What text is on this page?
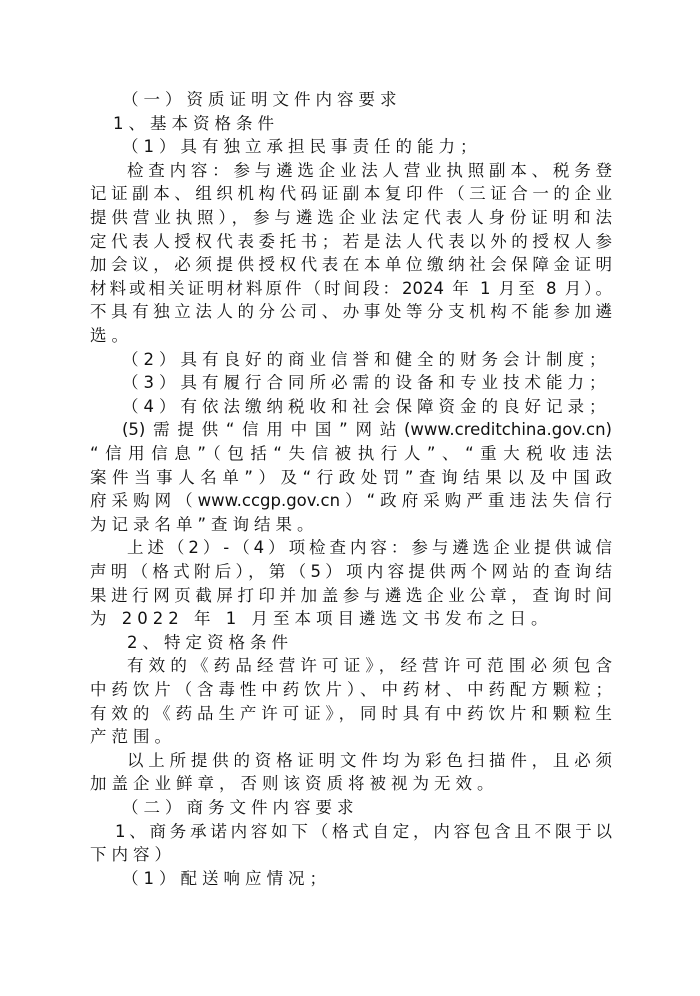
（一）资质证明文件内容要求
1、基本资格条件
（1）具有独立承担民事责任的能力；
检查内容：参与遴选企业法人营业执照副本、税务登
记证副本、组织机构代码证副本复印件（三证合一的企业
提供营业执照），参与遴选企业法定代表人身份证明和法
定代表人授权代表委托书；若是法人代表以外的授权人参
加会议，必须提供授权代表在本单位缴纳社会保障金证明
材料或相关证明材料原件（时间段：2024 年 1 月至 8 月）。
不具有独立法人的分公司、办事处等分支机构不能参加遴
选。
（2）具有良好的商业信誉和健全的财务会计制度；
（3）具有履行合同所必需的设备和专业技术能力；
（4）有依法缴纳税收和社会保障资金的良好记录；
(5)需提供“信用中国”网站(www.creditchina.gov.cn)
“信用信息”（包括“失信被执行人”、“重大税收违法
案件当事人名单”）及“行政处罚”查询结果以及中国政
府采购网（www.ccgp.gov.cn）“政府采购严重违法失信行
为记录名单”查询结果。
上述（2）-（4）项检查内容：参与遴选企业提供诚信
声明（格式附后），第（5）项内容提供两个网站的查询结
果进行网页截屏打印并加盖参与遴选企业公章，查询时间
为 2022 年 1 月至本项目遴选文书发布之日。
2、特定资格条件
有效的《药品经营许可证》，经营许可范围必须包含
中药饮片（含毒性中药饮片）、中药材、中药配方颗粒；
有效的《药品生产许可证》，同时具有中药饮片和颗粒生
产范围。
以上所提供的资格证明文件均为彩色扫描件，且必须
加盖企业鲜章，否则该资质将被视为无效。
（二）商务文件内容要求
1、商务承诺内容如下（格式自定，内容包含且不限于以
下内容）
（1）配送响应情况；
